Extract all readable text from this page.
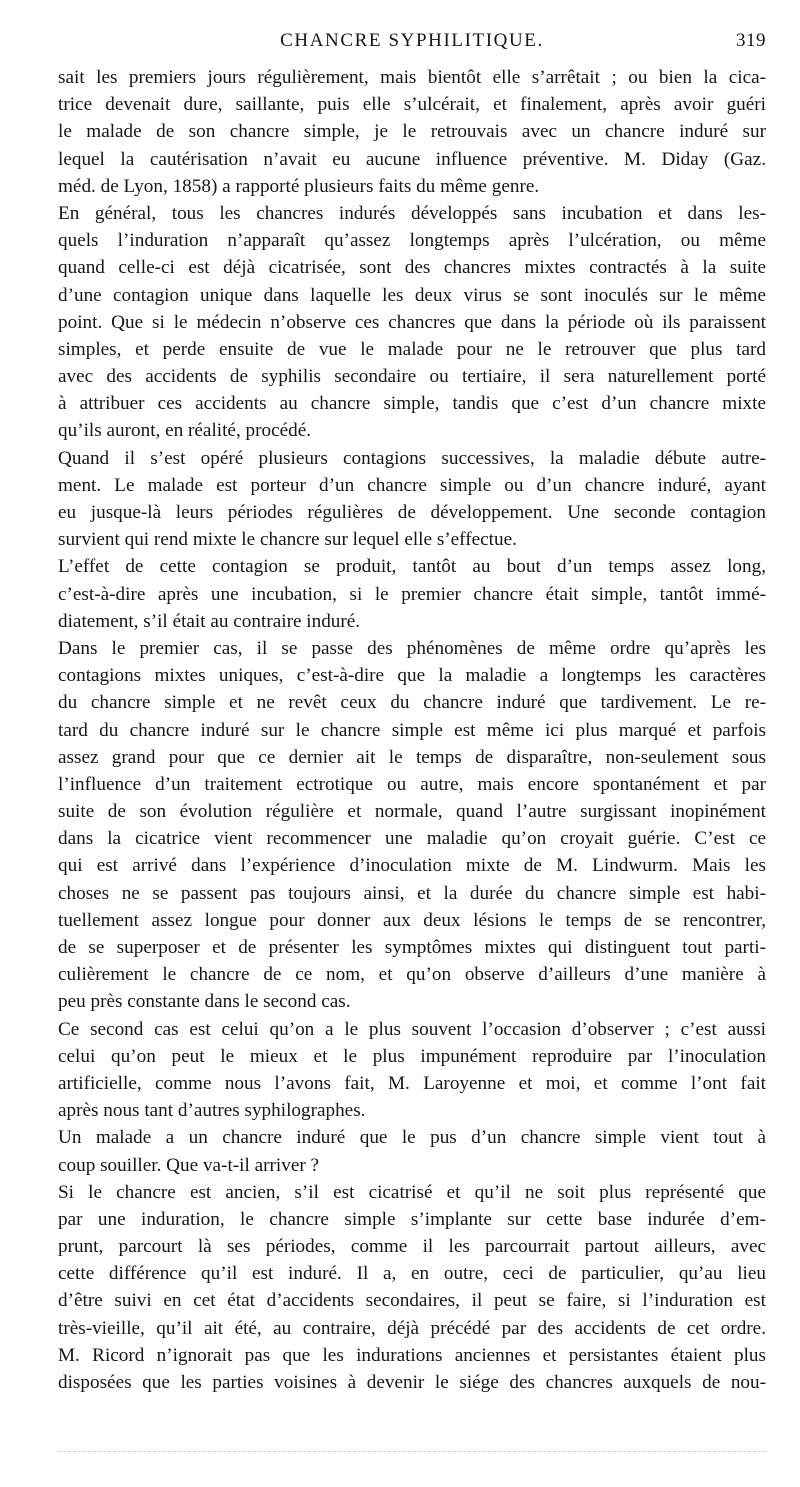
CHANCRE SYPHILITIQUE.	319
sait les premiers jours régulièrement, mais bientôt elle s’arrêtait ; ou bien la cica-
trice devenait dure, saillante, puis elle s’ulcérait, et finalement, après avoir guéri
le malade de son chancre simple, je le retrouvais avec un chancre induré sur
lequel la cautérisation n’avait eu aucune influence préventive. M. Diday (Gaz.
méd. de Lyon, 1858) a rapporté plusieurs faits du même genre.
En général, tous les chancres indurés développés sans incubation et dans les-
quels l’induration n’apparaît qu’assez longtemps après l’ulcération, ou même
quand celle-ci est déjà cicatrisée, sont des chancres mixtes contractés à la suite
d’une contagion unique dans laquelle les deux virus se sont inoculés sur le même
point. Que si le médecin n’observe ces chancres que dans la période où ils paraissent
simples, et perde ensuite de vue le malade pour ne le retrouver que plus tard
avec des accidents de syphilis secondaire ou tertiaire, il sera naturellement porté
à attribuer ces accidents au chancre simple, tandis que c’est d’un chancre mixte
qu’ils auront, en réalité, procédé.
Quand il s’est opéré plusieurs contagions successives, la maladie débute autre-
ment. Le malade est porteur d’un chancre simple ou d’un chancre induré, ayant
eu jusque-là leurs périodes régulières de développement. Une seconde contagion
survient qui rend mixte le chancre sur lequel elle s’effectue.
L’effet de cette contagion se produit, tantôt au bout d’un temps assez long,
c’est-à-dire après une incubation, si le premier chancre était simple, tantôt immé-
diatement, s’il était au contraire induré.
Dans le premier cas, il se passe des phénomènes de même ordre qu’après les
contagions mixtes uniques, c’est-à-dire que la maladie a longtemps les caractères
du chancre simple et ne revêt ceux du chancre induré que tardivement. Le re-
tard du chancre induré sur le chancre simple est même ici plus marqué et parfois
assez grand pour que ce dernier ait le temps de disparaître, non-seulement sous
l’influence d’un traitement ectrotique ou autre, mais encore spontanément et par
suite de son évolution régulière et normale, quand l’autre surgissant inopinément
dans la cicatrice vient recommencer une maladie qu’on croyait guérie. C’est ce
qui est arrivé dans l’expérience d’inoculation mixte de M. Lindwurm. Mais les
choses ne se passent pas toujours ainsi, et la durée du chancre simple est habi-
tuellement assez longue pour donner aux deux lésions le temps de se rencontrer,
de se superposer et de présenter les symptômes mixtes qui distinguent tout parti-
culièrement le chancre de ce nom, et qu’on observe d’ailleurs d’une manière à
peu près constante dans le second cas.
Ce second cas est celui qu’on a le plus souvent l’occasion d’observer ; c’est aussi
celui qu’on peut le mieux et le plus impunément reproduire par l’inoculation
artificielle, comme nous l’avons fait, M. Laroyenne et moi, et comme l’ont fait
après nous tant d’autres syphilographes.
Un malade a un chancre induré que le pus d’un chancre simple vient tout à
coup souiller. Que va-t-il arriver ?
Si le chancre est ancien, s’il est cicatrisé et qu’il ne soit plus représenté que
par une induration, le chancre simple s’implante sur cette base indurée d’em-
prunt, parcourt là ses périodes, comme il les parcourrait partout ailleurs, avec
cette différence qu’il est induré. Il a, en outre, ceci de particulier, qu’au lieu
d’être suivi en cet état d’accidents secondaires, il peut se faire, si l’induration est
très-vieille, qu’il ait été, au contraire, déjà précédé par des accidents de cet ordre.
M. Ricord n’ignorait pas que les indurations anciennes et persistantes étaient plus
disposées que les parties voisines à devenir le siége des chancres auxquels de nou-
